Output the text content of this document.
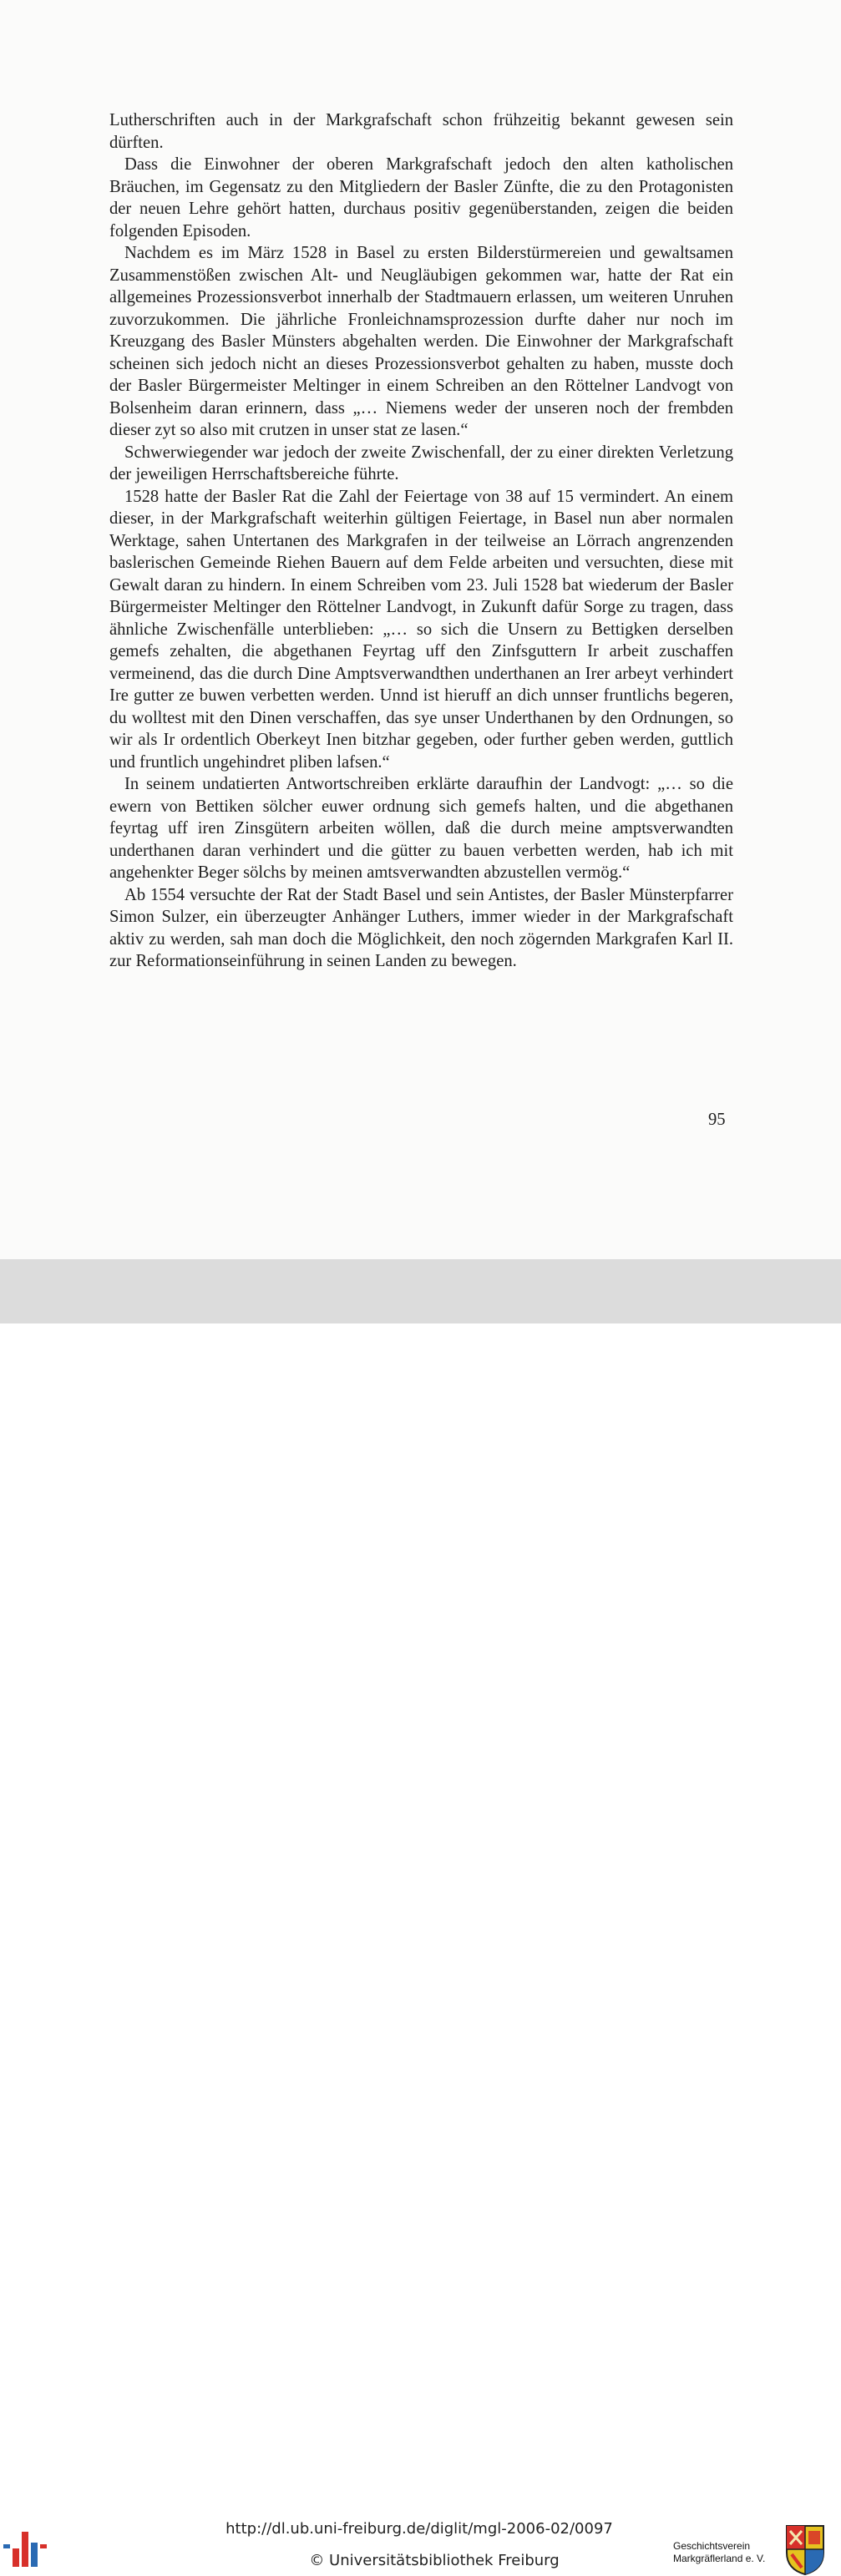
Lutherschriften auch in der Markgrafschaft schon frühzeitig bekannt gewesen sein dürften.

Dass die Einwohner der oberen Markgrafschaft jedoch den alten katholischen Bräuchen, im Gegensatz zu den Mitgliedern der Basler Zünfte, die zu den Protagonisten der neuen Lehre gehört hatten, durchaus positiv gegenüberstanden, zeigen die beiden folgenden Episoden.

Nachdem es im März 1528 in Basel zu ersten Bilderstürmereien und gewaltsamen Zusammenstößen zwischen Alt- und Neugläubigen gekommen war, hatte der Rat ein allgemeines Prozessionsverbot innerhalb der Stadtmauern erlassen, um weiteren Unruhen zuvorzukommen. Die jährliche Fronleichnamsprozession durfte daher nur noch im Kreuzgang des Basler Münsters abgehalten werden. Die Einwohner der Markgrafschaft scheinen sich jedoch nicht an dieses Prozessionsverbot gehalten zu haben, musste doch der Basler Bürgermeister Meltinger in einem Schreiben an den Röttelner Landvogt von Bolsenheim daran erinnern, dass „… Niemens weder der unseren noch der frembden dieser zyt so also mit crutzen in unser stat ze lasen.“

Schwerwiegender war jedoch der zweite Zwischenfall, der zu einer direkten Verletzung der jeweiligen Herrschaftsbereiche führte.

1528 hatte der Basler Rat die Zahl der Feiertage von 38 auf 15 vermindert. An einem dieser, in der Markgrafschaft weiterhin gültigen Feiertage, in Basel nun aber normalen Werktage, sahen Untertanen des Markgrafen in der teilweise an Lörrach angrenzenden baslerischen Gemeinde Riehen Bauern auf dem Felde arbeiten und versuchten, diese mit Gewalt daran zu hindern. In einem Schreiben vom 23. Juli 1528 bat wiederum der Basler Bürgermeister Meltinger den Röttelner Landvogt, in Zukunft dafür Sorge zu tragen, dass ähnliche Zwischenfälle unterblieben: „… so sich die Unsern zu Bettigken derselben gemefs zehalten, die abgethanen Feyrtag uff den Zinfsguttern Ir arbeit zuschaffen vermeinend, das die durch Dine Amptsverwandthen underthanen an Irer arbeyt verhindert Ire gutter ze buwen verbetten werden. Unnd ist hieruff an dich unnser fruntlichs begeren, du wolltest mit den Dinen verschaffen, das sye unser Underthanen by den Ordnungen, so wir als Ir ordentlich Oberkeyt Inen bitzhar gegeben, oder further geben werden, guttlich und fruntlich ungehindret pliben lafsen.“

In seinem undatierten Antwortschreiben erklärte daraufhin der Landvogt: „… so die ewern von Bettiken sölcher euwer ordnung sich gemefs halten, und die abgethanen feyrtag uff iren Zinsgütern arbeiten wöllen, daß die durch meine amptsverwandten underthanen daran verhindert und die gütter zu bauen verbetten werden, hab ich mit angehenkter Beger sölchs by meinen amtsverwandten abzustellen vermög.“

Ab 1554 versuchte der Rat der Stadt Basel und sein Antistes, der Basler Münsterpfarrer Simon Sulzer, ein überzeugter Anhänger Luthers, immer wieder in der Markgrafschaft aktiv zu werden, sah man doch die Möglichkeit, den noch zögernden Markgrafen Karl II. zur Reformationseinführung in seinen Landen zu bewegen.

95
http://dl.ub.uni-freiburg.de/diglit/mgl-2006-02/0097
© Universitätsbibliothek Freiburg
Geschichtsverein
Markgräflerland e. V.
